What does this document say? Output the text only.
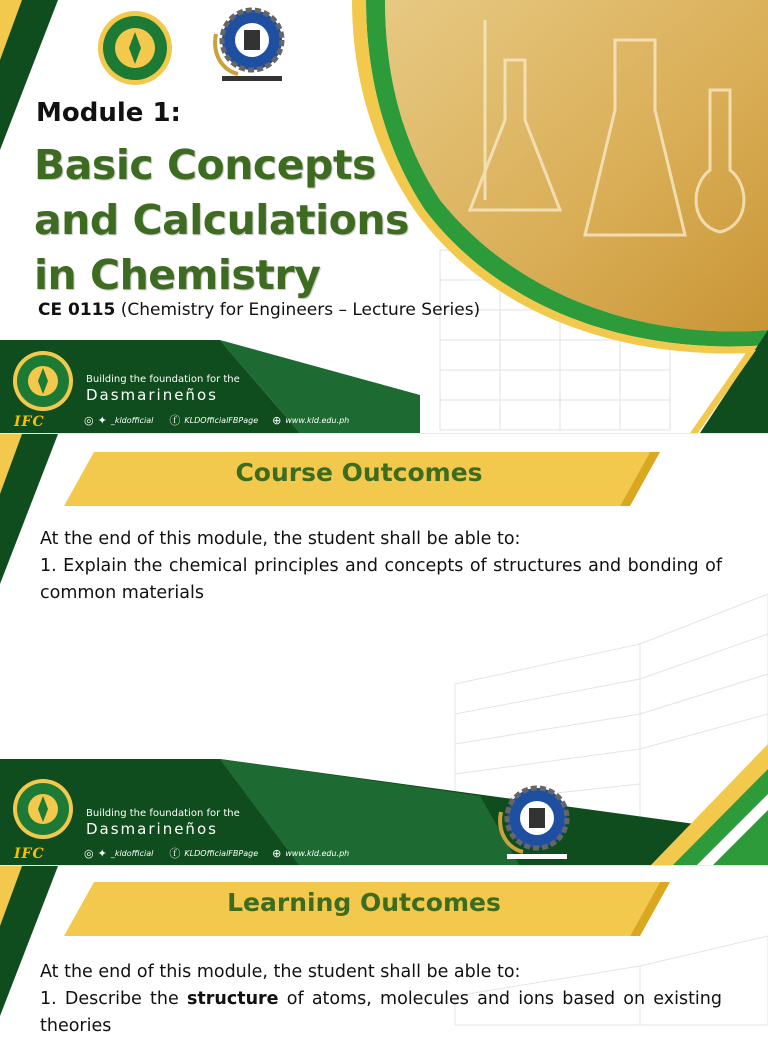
Module 1:
Basic Concepts
and Calculations
in Chemistry
CE 0115 (Chemistry for Engineers – Lecture Series)
Building the foundation for the
Dasmarineños
IFC	◎ ✦ _kldofficial ⓕ KLDOfficialFBPage ⊕ www.kld.edu.ph
Course Outcomes
At the end of this module, the student shall be able to:
1. Explain the chemical principles and concepts of structures and bonding of common materials
Building the foundation for the
Dasmarineños
IFC	◎ ✦ _kldofficial ⓕ KLDOfficialFBPage ⊕ www.kld.edu.ph
Learning Outcomes
At the end of this module, the student shall be able to:
1. Describe the structure of atoms, molecules and ions based on existing theories
